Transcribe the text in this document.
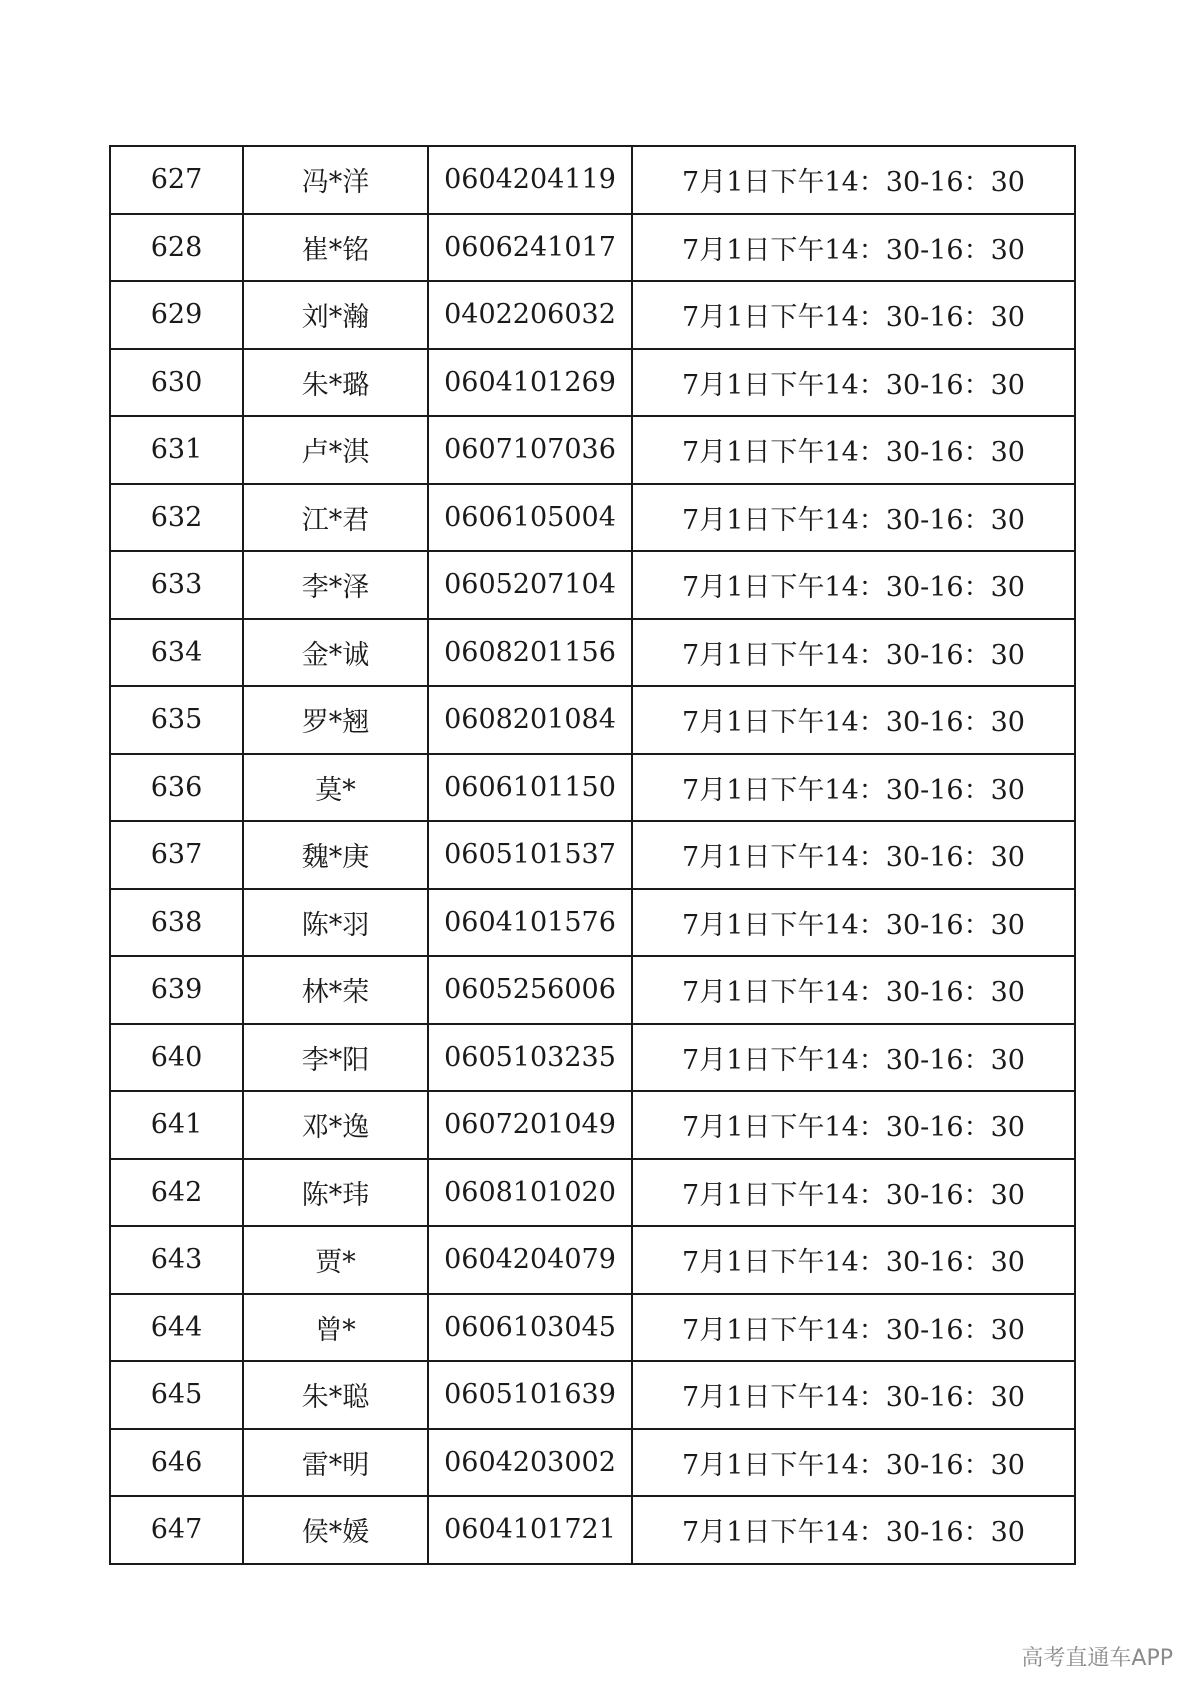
627	冯*洋	0604204119	7月1日下午14：30-16：30
628	崔*铭	0606241017	7月1日下午14：30-16：30
629	刘*瀚	0402206032	7月1日下午14：30-16：30
630	朱*璐	0604101269	7月1日下午14：30-16：30
631	卢*淇	0607107036	7月1日下午14：30-16：30
632	江*君	0606105004	7月1日下午14：30-16：30
633	李*泽	0605207104	7月1日下午14：30-16：30
634	金*诚	0608201156	7月1日下午14：30-16：30
635	罗*翘	0608201084	7月1日下午14：30-16：30
636	莫*	0606101150	7月1日下午14：30-16：30
637	魏*庚	0605101537	7月1日下午14：30-16：30
638	陈*羽	0604101576	7月1日下午14：30-16：30
639	林*荣	0605256006	7月1日下午14：30-16：30
640	李*阳	0605103235	7月1日下午14：30-16：30
641	邓*逸	0607201049	7月1日下午14：30-16：30
642	陈*玮	0608101020	7月1日下午14：30-16：30
643	贾*	0604204079	7月1日下午14：30-16：30
644	曾*	0606103045	7月1日下午14：30-16：30
645	朱*聪	0605101639	7月1日下午14：30-16：30
646	雷*明	0604203002	7月1日下午14：30-16：30
647	侯*媛	0604101721	7月1日下午14：30-16：30
高考直通车APP
